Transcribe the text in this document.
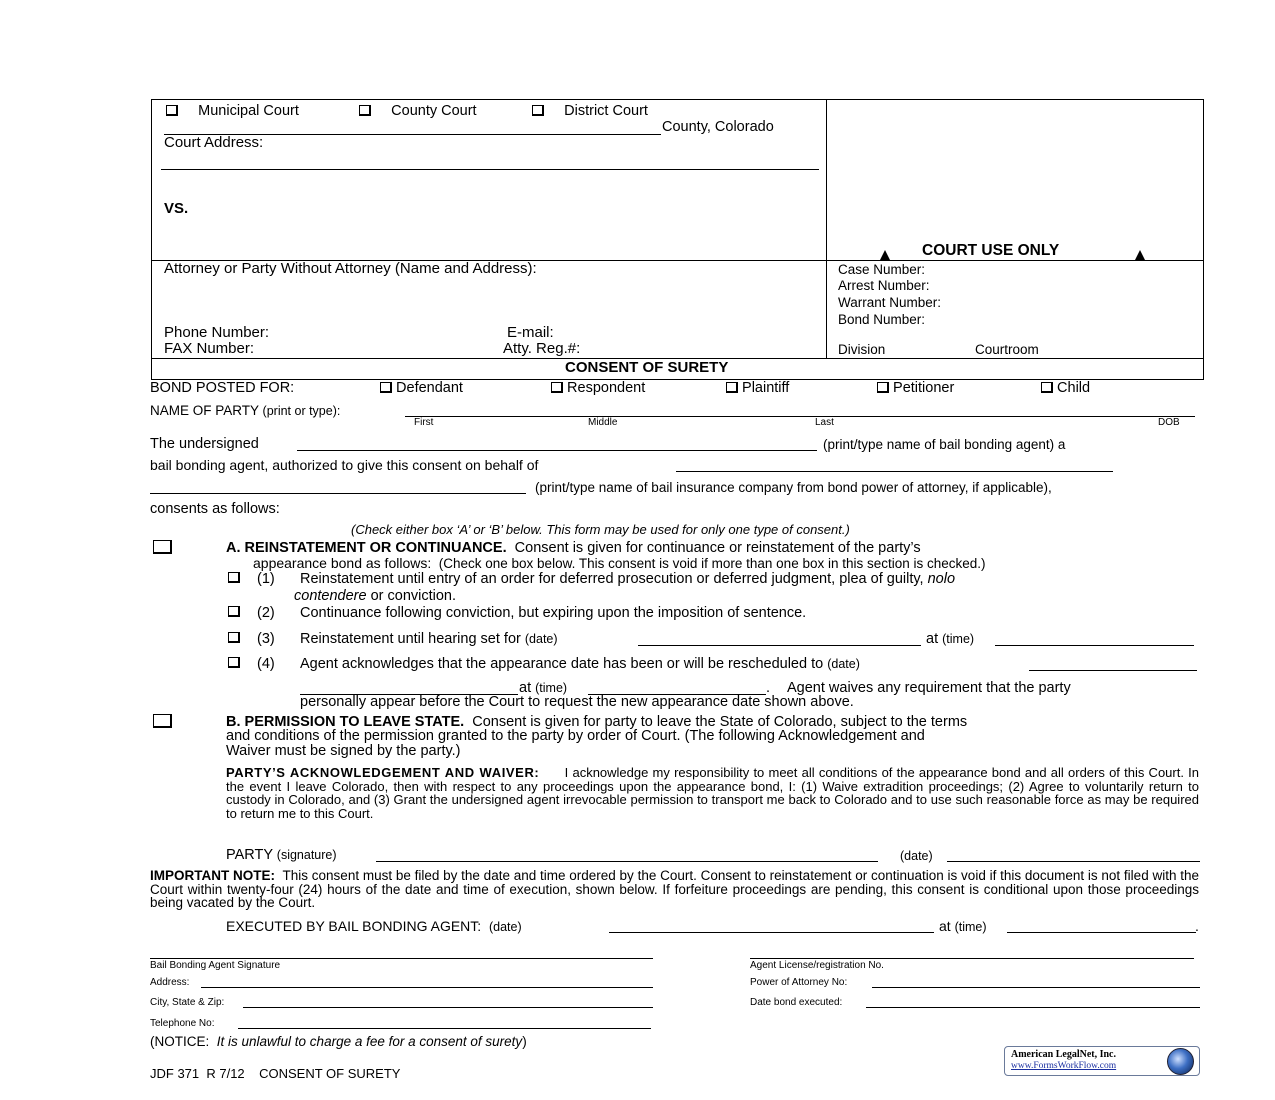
Municipal Court	County Court	District Court
County, Colorado
Court Address:
VS.
COURT USE ONLY
Attorney or Party Without Attorney (Name and Address):
Phone Number:	E-mail:
FAX Number:	Atty. Reg.#:
Case Number:
Arrest Number:
Warrant Number:
Bond Number:
Division	Courtroom
CONSENT OF SURETY
BOND POSTED FOR:	Defendant	Respondent	Plaintiff	Petitioner	Child
NAME OF PARTY (print or type):
First	Middle	Last	DOB
The undersigned	(print/type name of bail bonding agent) a
bail bonding agent, authorized to give this consent on behalf of
(print/type name of bail insurance company from bond power of attorney, if applicable),
consents as follows:
(Check either box ‘A’ or ‘B’ below. This form may be used for only one type of consent.)
A. REINSTATEMENT OR CONTINUANCE. Consent is given for continuance or reinstatement of the party’s
appearance bond as follows: (Check one box below. This consent is void if more than one box in this section is checked.)
(1) Reinstatement until entry of an order for deferred prosecution or deferred judgment, plea of guilty, nolo
contendere or conviction.
(2) Continuance following conviction, but expiring upon the imposition of sentence.
(3) Reinstatement until hearing set for (date)	at (time)
(4) Agent acknowledges that the appearance date has been or will be rescheduled to (date)
at (time)	. Agent waives any requirement that the party
personally appear before the Court to request the new appearance date shown above.
B. PERMISSION TO LEAVE STATE. Consent is given for party to leave the State of Colorado, subject to the terms
and conditions of the permission granted to the party by order of Court. (The following Acknowledgement and
Waiver must be signed by the party.)
PARTY’S ACKNOWLEDGEMENT AND WAIVER: I acknowledge my responsibility to meet all conditions of the appearance bond and all orders of this Court. In the event I leave Colorado, then with respect to any proceedings upon the appearance bond, I: (1) Waive extradition proceedings; (2) Agree to voluntarily return to custody in Colorado, and (3) Grant the undersigned agent irrevocable permission to transport me back to Colorado and to use such reasonable force as may be required to return me to this Court.
PARTY (signature)	(date)
IMPORTANT NOTE: This consent must be filed by the date and time ordered by the Court. Consent to reinstatement or continuation is void if this document is not filed with the Court within twenty-four (24) hours of the date and time of execution, shown below. If forfeiture proceedings are pending, this consent is conditional upon those proceedings being vacated by the Court.
EXECUTED BY BAIL BONDING AGENT: (date)	at (time)	.
Bail Bonding Agent Signature
Address:
City, State & Zip:
Telephone No:
Agent License/registration No.
Power of Attorney No:
Date bond executed:
(NOTICE: It is unlawful to charge a fee for a consent of surety)
JDF 371  R 7/12    CONSENT OF SURETY
American LegalNet, Inc.
www.FormsWorkFlow.com
